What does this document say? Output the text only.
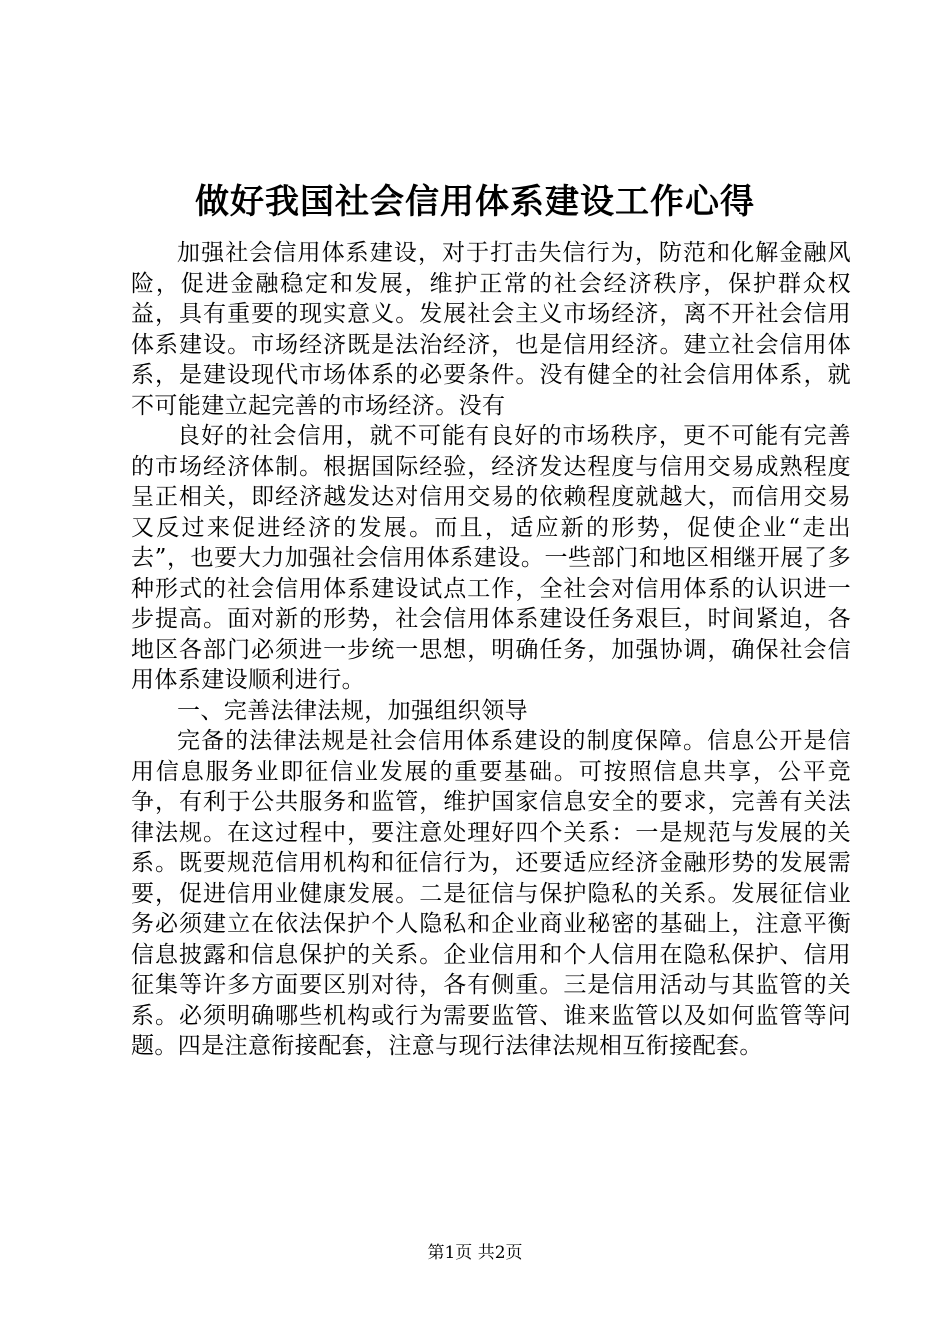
做好我国社会信用体系建设工作心得

加强社会信用体系建设，对于打击失信行为，防范和化解金融风险，促进金融稳定和发展，维护正常的社会经济秩序，保护群众权益，具有重要的现实意义。发展社会主义市场经济，离不开社会信用体系建设。市场经济既是法治经济，也是信用经济。建立社会信用体系，是建设现代市场体系的必要条件。没有健全的社会信用体系，就不可能建立起完善的市场经济。没有

良好的社会信用，就不可能有良好的市场秩序，更不可能有完善的市场经济体制。根据国际经验，经济发达程度与信用交易成熟程度呈正相关，即经济越发达对信用交易的依赖程度就越大，而信用交易又反过来促进经济的发展。而且，适应新的形势，促使企业“走出去”，也要大力加强社会信用体系建设。一些部门和地区相继开展了多种形式的社会信用体系建设试点工作，全社会对信用体系的认识进一步提高。面对新的形势，社会信用体系建设任务艰巨，时间紧迫，各地区各部门必须进一步统一思想，明确任务，加强协调，确保社会信用体系建设顺利进行。

一、完善法律法规，加强组织领导

完备的法律法规是社会信用体系建设的制度保障。信息公开是信用信息服务业即征信业发展的重要基础。可按照信息共享，公平竞争，有利于公共服务和监管，维护国家信息安全的要求，完善有关法律法规。在这过程中，要注意处理好四个关系：一是规范与发展的关系。既要规范信用机构和征信行为，还要适应经济金融形势的发展需要，促进信用业健康发展。二是征信与保护隐私的关系。发展征信业务必须建立在依法保护个人隐私和企业商业秘密的基础上，注意平衡信息披露和信息保护的关系。企业信用和个人信用在隐私保护、信用征集等许多方面要区别对待，各有侧重。三是信用活动与其监管的关系。必须明确哪些机构或行为需要监管、谁来监管以及如何监管等问题。四是注意衔接配套，注意与现行法律法规相互衔接配套。

第1页 共2页
